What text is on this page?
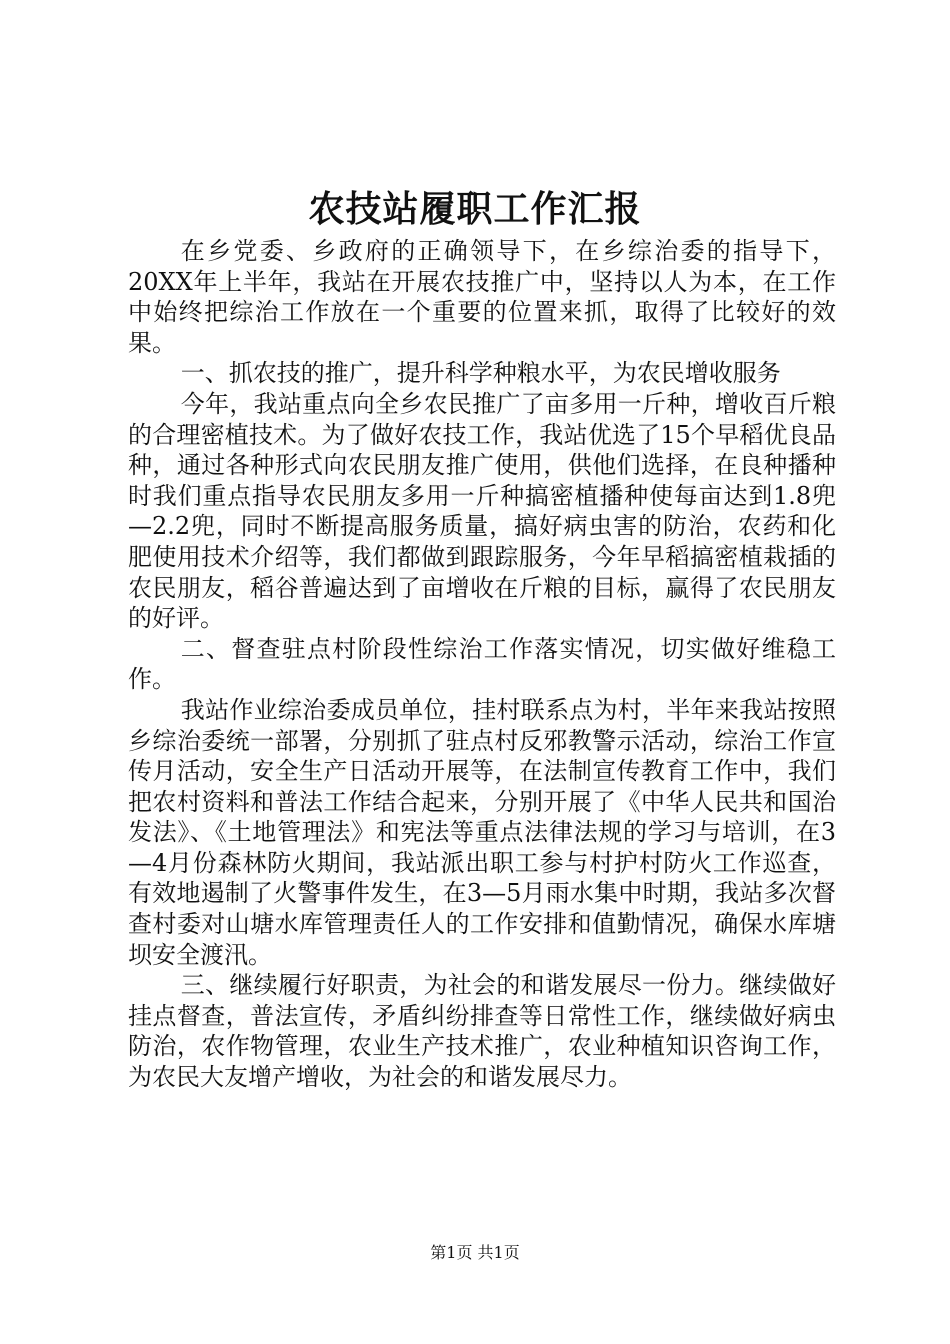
农技站履职工作汇报

在乡党委、乡政府的正确领导下，在乡综治委的指导下，20XX年上半年，我站在开展农技推广中，坚持以人为本，在工作中始终把综治工作放在一个重要的位置来抓，取得了比较好的效果。

一、抓农技的推广，提升科学种粮水平，为农民增收服务

今年，我站重点向全乡农民推广了亩多用一斤种，增收百斤粮的合理密植技术。为了做好农技工作，我站优选了15个早稻优良品种，通过各种形式向农民朋友推广使用，供他们选择，在良种播种时我们重点指导农民朋友多用一斤种搞密植播种使每亩达到1.8兜—2.2兜，同时不断提高服务质量，搞好病虫害的防治，农药和化肥使用技术介绍等，我们都做到跟踪服务，今年早稻搞密植栽插的农民朋友，稻谷普遍达到了亩增收在斤粮的目标，赢得了农民朋友的好评。

二、督查驻点村阶段性综治工作落实情况，切实做好维稳工作。

我站作业综治委成员单位，挂村联系点为村，半年来我站按照乡综治委统一部署，分别抓了驻点村反邪教警示活动，综治工作宣传月活动，安全生产日活动开展等，在法制宣传教育工作中，我们把农村资料和普法工作结合起来，分别开展了《中华人民共和国治发法》、《土地管理法》和宪法等重点法律法规的学习与培训，在3—4月份森林防火期间，我站派出职工参与村护村防火工作巡查，有效地遏制了火警事件发生，在3—5月雨水集中时期，我站多次督查村委对山塘水库管理责任人的工作安排和值勤情况，确保水库塘坝安全渡汛。

三、继续履行好职责，为社会的和谐发展尽一份力。继续做好挂点督查，普法宣传，矛盾纠纷排查等日常性工作，继续做好病虫防治，农作物管理，农业生产技术推广，农业种植知识咨询工作，为农民大友增产增收，为社会的和谐发展尽力。

第1页 共1页
